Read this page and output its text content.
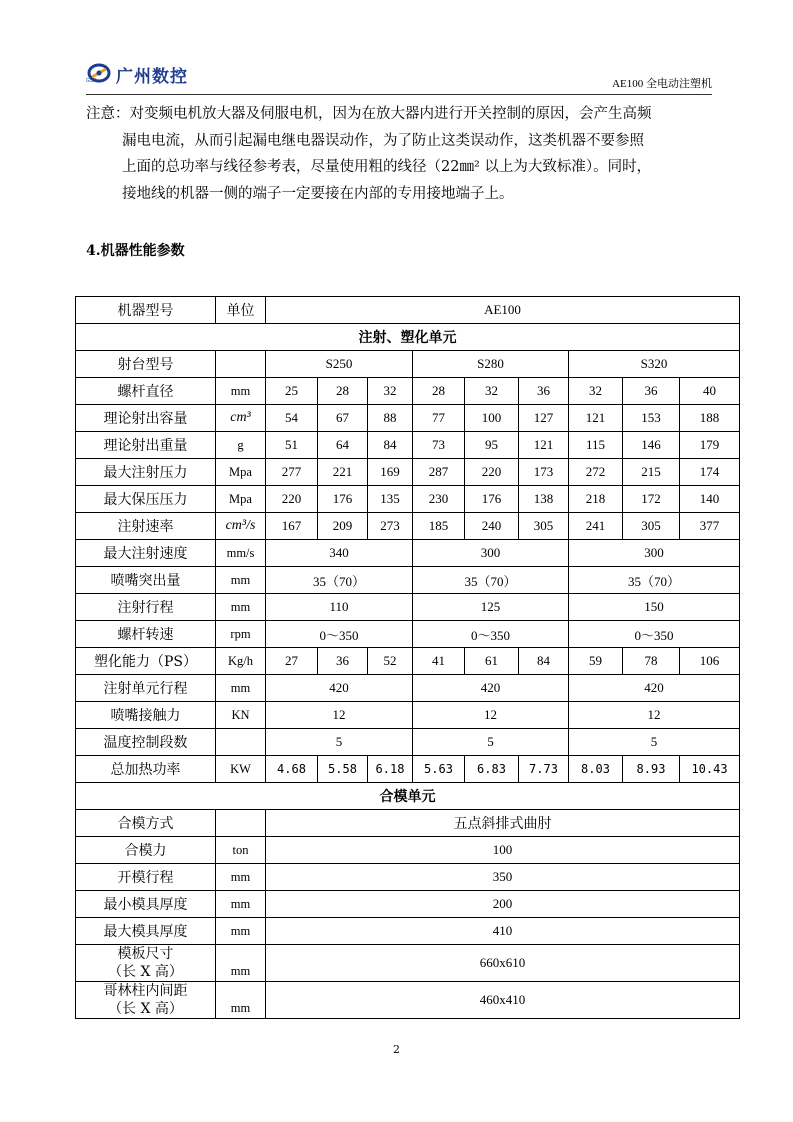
广州数控
GSK	AE100 全电动注塑机

注意：对变频电机放大器及伺服电机，因为在放大器内进行开关控制的原因，会产生高频

漏电电流，从而引起漏电继电器误动作，为了防止这类误动作，这类机器不要参照

上面的总功率与线径参考表，尽量使用粗的线径（22㎜² 以上为大致标准）。同时，

接地线的机器一侧的端子一定要接在内部的专用接地端子上。

4.机器性能参数
机器型号	单位	AE100								
注射、塑化单元										
射台型号		S250			S280			S320		
螺杆直径	mm	25	28	32	28	32	36	32	36	40
理论射出容量	cm³	54	67	88	77	100	127	121	153	188
理论射出重量	g	51	64	84	73	95	121	115	146	179
最大注射压力	Mpa	277	221	169	287	220	173	272	215	174
最大保压压力	Mpa	220	176	135	230	176	138	218	172	140
注射速率	cm³/s	167	209	273	185	240	305	241	305	377
最大注射速度	mm/s	340			300			300		
喷嘴突出量	mm	35（70）			35（70）			35（70）		
注射行程	mm	110			125			150		
螺杆转速	rpm	0～350			0～350			0～350		
塑化能力（PS）	Kg/h	27	36	52	41	61	84	59	78	106
注射单元行程	mm	420			420			420		
喷嘴接触力	KN	12			12			12		
温度控制段数		5			5			5		
总加热功率	KW	4.68	5.58	6.18	5.63	6.83	7.73	8.03	8.93	10.43
合模单元										
合模方式		五点斜排式曲肘								
合模力	ton	100								
开模行程	mm	350								
最小模具厚度	mm	200								
最大模具厚度	mm	410								

模板尺寸
（长 X 高）	mm	660x610								

哥林柱内间距
（长 X 高）	mm	460x410								
2
